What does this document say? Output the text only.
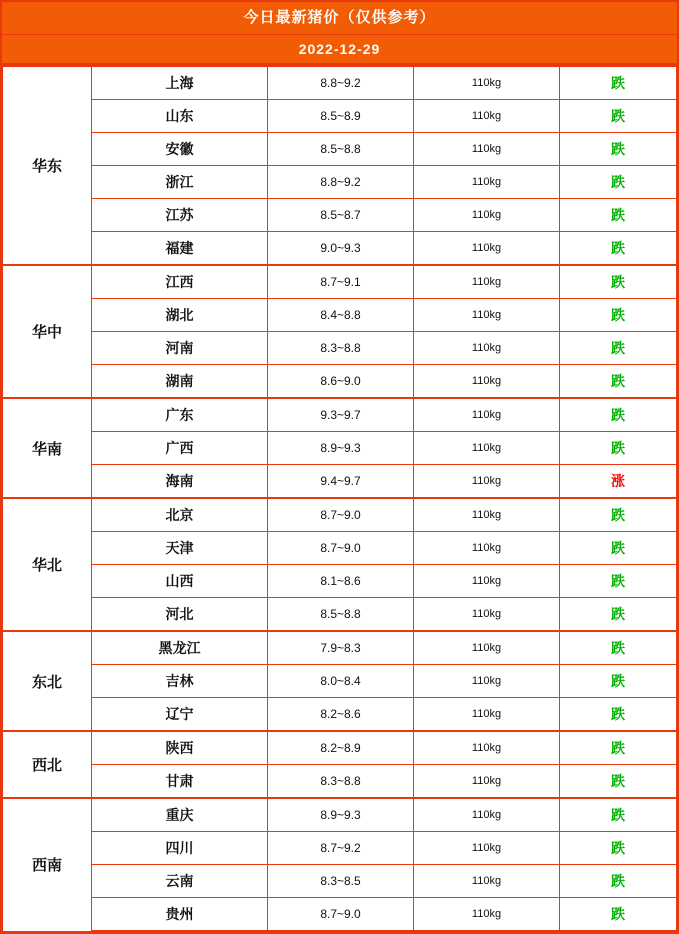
今日最新猪价（仅供参考）
2022-12-29
华东	上海	8.8~9.2	110kg	跌
	山东	8.5~8.9	110kg	跌
	安徽	8.5~8.8	110kg	跌
	浙江	8.8~9.2	110kg	跌
	江苏	8.5~8.7	110kg	跌
	福建	9.0~9.3	110kg	跌
华中	江西	8.7~9.1	110kg	跌
	湖北	8.4~8.8	110kg	跌
	河南	8.3~8.8	110kg	跌
	湖南	8.6~9.0	110kg	跌
华南	广东	9.3~9.7	110kg	跌
	广西	8.9~9.3	110kg	跌
	海南	9.4~9.7	110kg	涨
华北	北京	8.7~9.0	110kg	跌
	天津	8.7~9.0	110kg	跌
	山西	8.1~8.6	110kg	跌
	河北	8.5~8.8	110kg	跌
东北	黑龙江	7.9~8.3	110kg	跌
	吉林	8.0~8.4	110kg	跌
	辽宁	8.2~8.6	110kg	跌
西北	陕西	8.2~8.9	110kg	跌
	甘肃	8.3~8.8	110kg	跌
西南	重庆	8.9~9.3	110kg	跌
	四川	8.7~9.2	110kg	跌
	云南	8.3~8.5	110kg	跌
	贵州	8.7~9.0	110kg	跌
